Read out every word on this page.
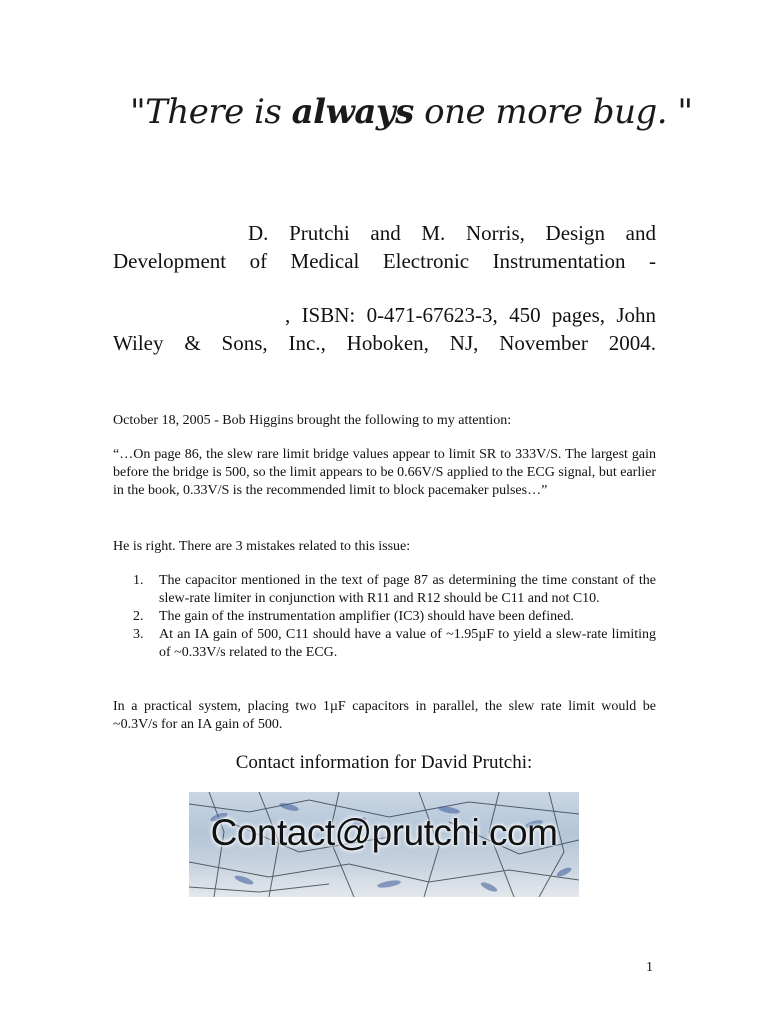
"There is always one more bug. "
D. Prutchi and M. Norris, Design and Development of Medical Electronic Instrumentation -
, ISBN: 0-471-67623-3, 450 pages, John Wiley & Sons, Inc., Hoboken, NJ, November 2004.
October 18, 2005 - Bob Higgins brought the following to my attention:
“…On page 86, the slew rare limit bridge values appear to limit SR to 333V/S. The largest gain before the bridge is 500, so the limit appears to be 0.66V/S applied to the ECG signal, but earlier in the book, 0.33V/S is the recommended limit to block pacemaker pulses…”
He is right. There are 3 mistakes related to this issue:
1. The capacitor mentioned in the text of page 87 as determining the time constant of the slew-rate limiter in conjunction with R11 and R12 should be C11 and not C10.
2. The gain of the instrumentation amplifier (IC3) should have been defined.
3. At an IA gain of 500, C11 should have a value of ~1.95µF to yield a slew-rate limiting of ~0.33V/s related to the ECG.
In a practical system, placing two 1µF capacitors in parallel, the slew rate limit would be ~0.3V/s for an IA gain of 500.
Contact information for David Prutchi:
Contact@prutchi.com
1
